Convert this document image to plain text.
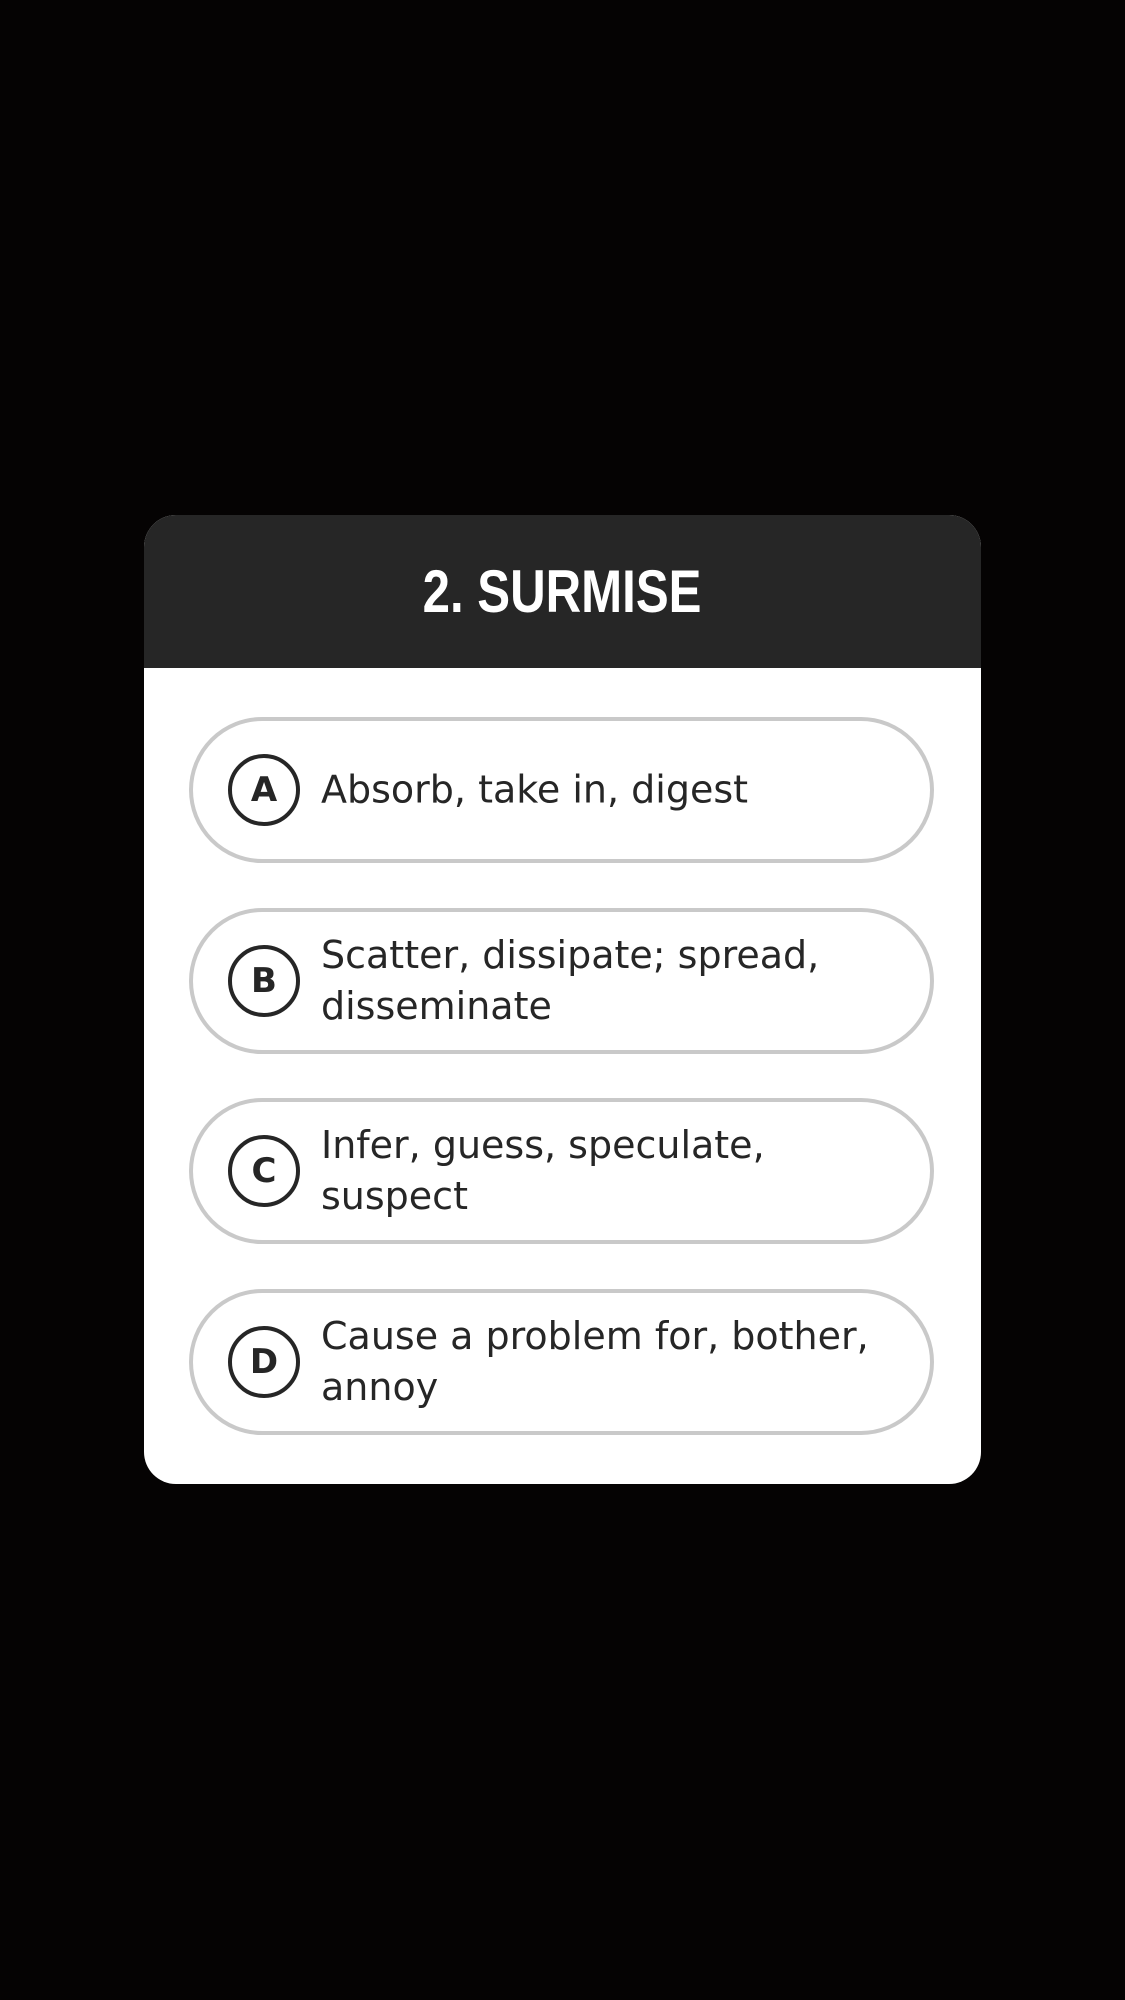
2. SURMISE
A	Absorb, take in, digest
B
Scatter, dissipate; spread, disseminate
C
Infer, guess, speculate, suspect
D
Cause a problem for, bother, annoy
